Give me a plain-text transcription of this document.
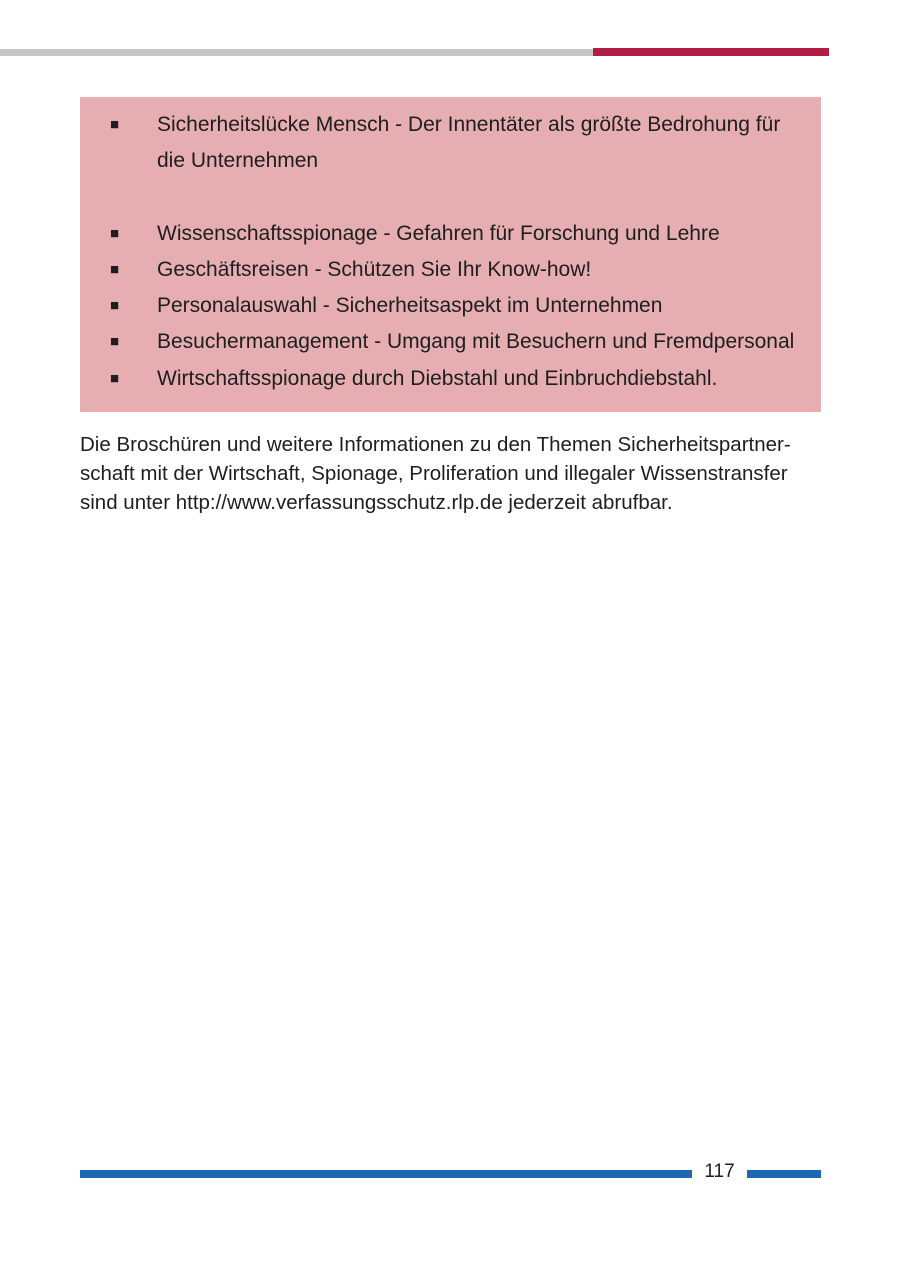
■	Sicherheitslücke Mensch - Der Innentäter als größte Bedrohung für die Unternehmen
■	Wissenschaftsspionage - Gefahren für Forschung und Lehre
■	Geschäftsreisen - Schützen Sie Ihr Know-how!
■	Personalauswahl - Sicherheitsaspekt im Unternehmen
■	Besuchermanagement - Umgang mit Besuchern und Fremdpersonal
■	Wirtschaftsspionage durch Diebstahl und Einbruchdiebstahl.

Die Broschüren und weitere Informationen zu den Themen Sicherheitspartner-schaft mit der Wirtschaft, Spionage, Proliferation und illegaler Wissenstransfer sind unter http://www.verfassungsschutz.rlp.de jederzeit abrufbar.

117
